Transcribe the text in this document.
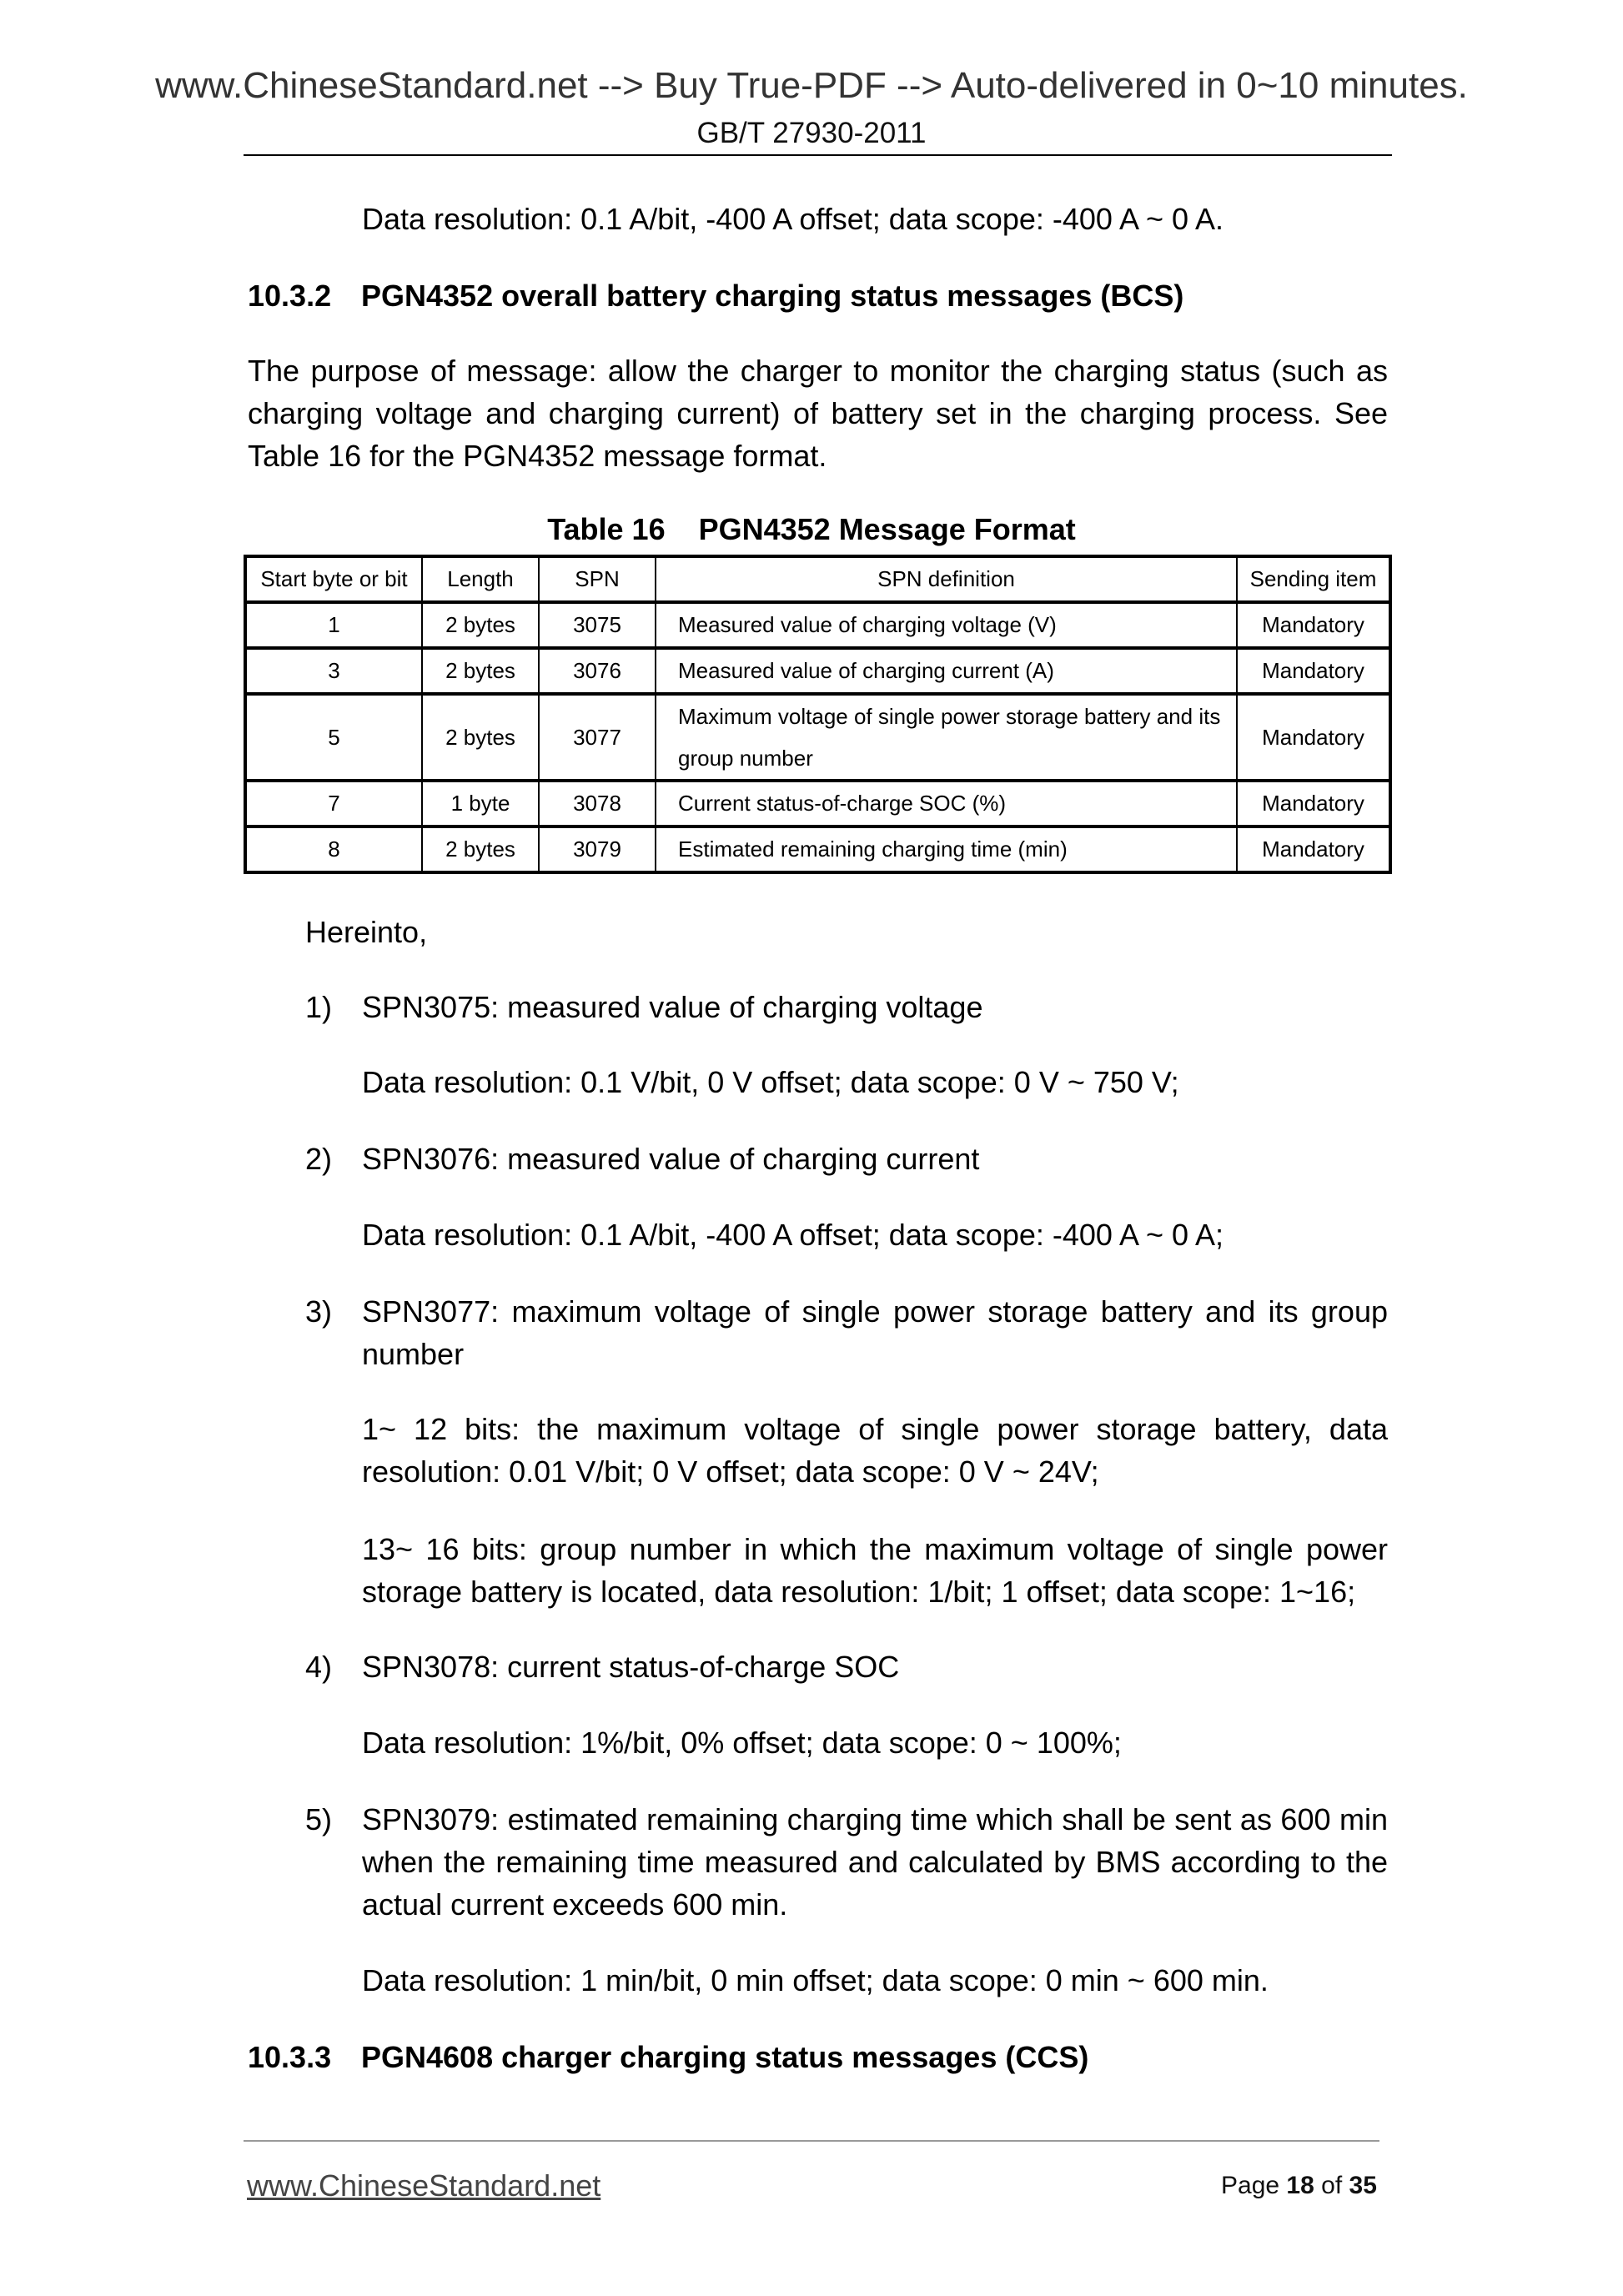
www.ChineseStandard.net --> Buy True-PDF --> Auto-delivered in 0~10 minutes.
GB/T 27930-2011
Data resolution: 0.1 A/bit, -400 A offset; data scope: -400 A ~ 0 A.
10.3.2 PGN4352 overall battery charging status messages (BCS)
The purpose of message: allow the charger to monitor the charging status (such as charging voltage and charging current) of battery set in the charging process. See Table 16 for the PGN4352 message format.
Table 16    PGN4352 Message Format
Start byte or bit	Length	SPN	SPN definition	Sending item
1	2 bytes	3075	Measured value of charging voltage (V)	Mandatory
3	2 bytes	3076	Measured value of charging current (A)	Mandatory
5	2 bytes	3077	Maximum voltage of single power storage battery and its group number	Mandatory
7	1 byte	3078	Current status-of-charge SOC (%)	Mandatory
8	2 bytes	3079	Estimated remaining charging time (min)	Mandatory
Hereinto,
1) SPN3075: measured value of charging voltage
Data resolution: 0.1 V/bit, 0 V offset; data scope: 0 V ~ 750 V;
2) SPN3076: measured value of charging current
Data resolution: 0.1 A/bit, -400 A offset; data scope: -400 A ~ 0 A;
3) SPN3077: maximum voltage of single power storage battery and its group number
1~ 12 bits: the maximum voltage of single power storage battery, data resolution: 0.01 V/bit; 0 V offset; data scope: 0 V ~ 24V;
13~ 16 bits: group number in which the maximum voltage of single power storage battery is located, data resolution: 1/bit; 1 offset; data scope: 1~16;
4) SPN3078: current status-of-charge SOC
Data resolution: 1%/bit, 0% offset; data scope: 0 ~ 100%;
5) SPN3079: estimated remaining charging time which shall be sent as 600 min when the remaining time measured and calculated by BMS according to the actual current exceeds 600 min.
Data resolution: 1 min/bit, 0 min offset; data scope: 0 min ~ 600 min.
10.3.3 PGN4608 charger charging status messages (CCS)
www.ChineseStandard.net	Page 18 of 35
